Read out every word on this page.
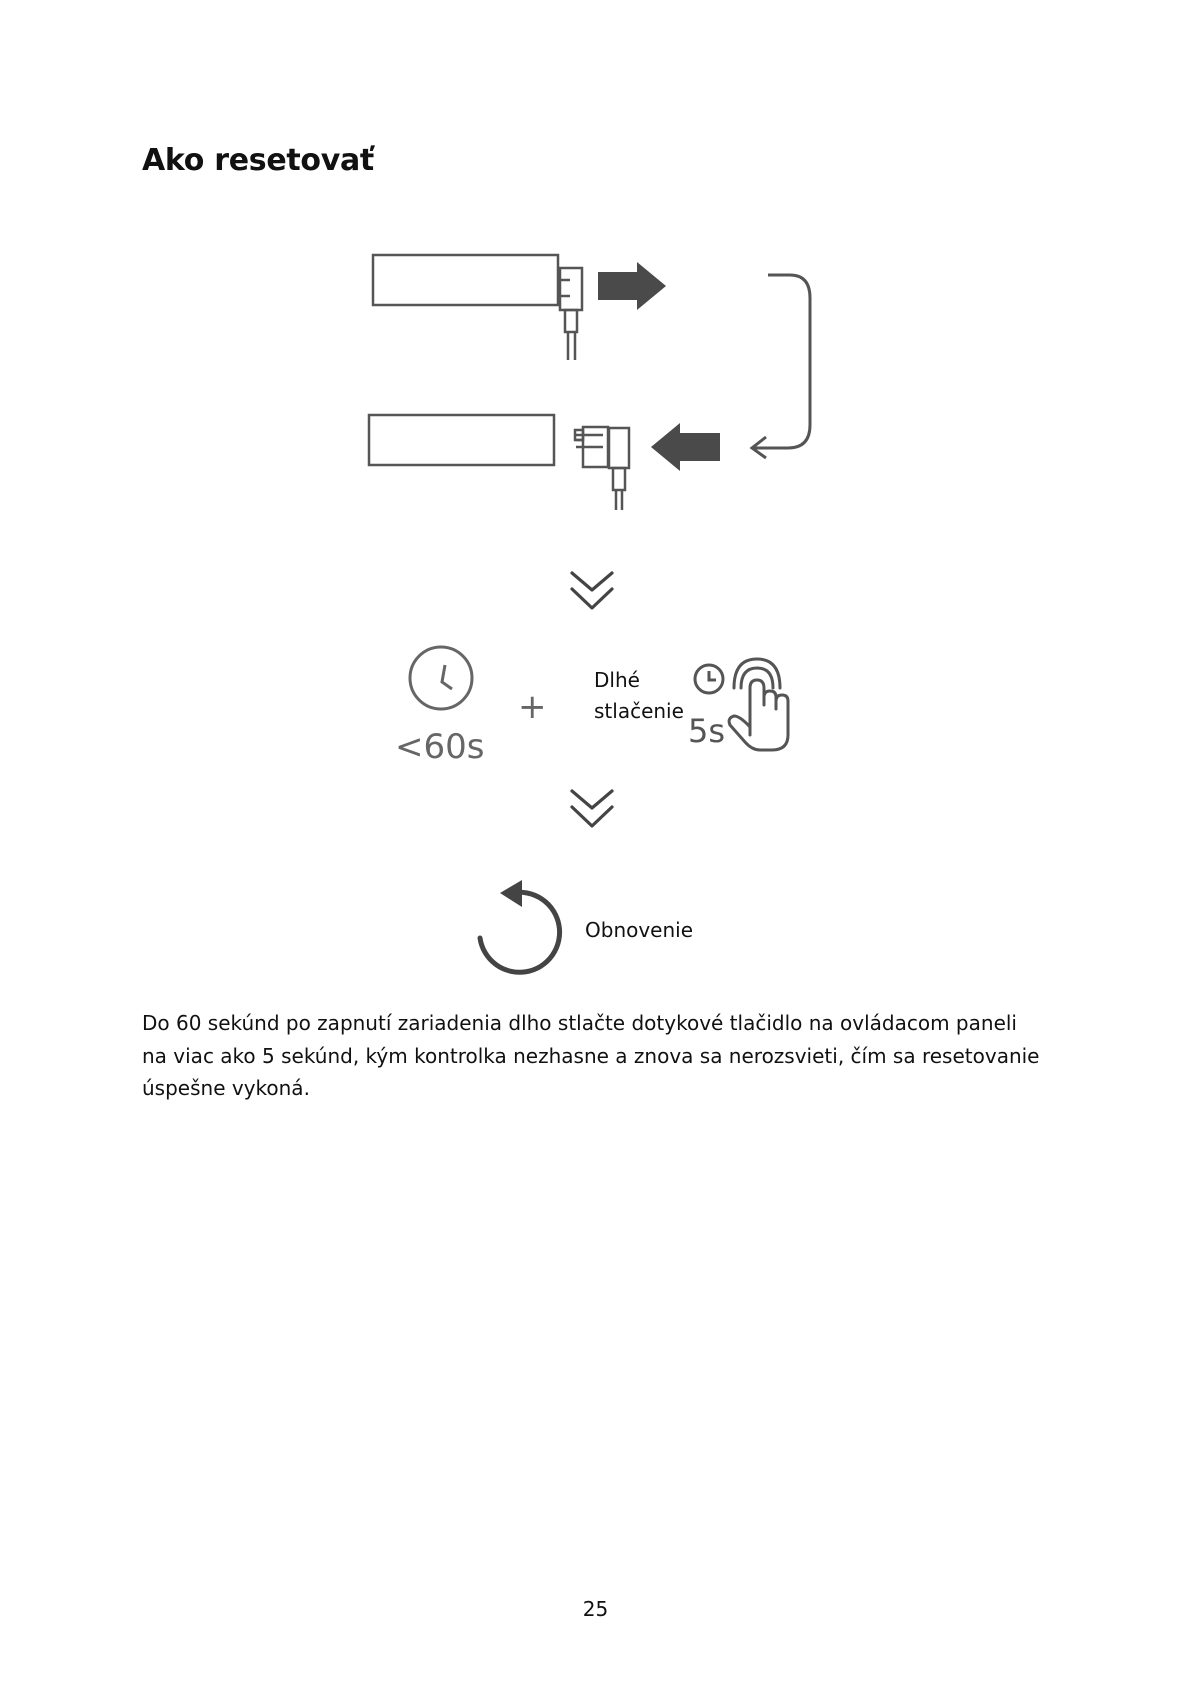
Ako resetovať
<60s
+
5s
Dlhé
stlačenie
Obnovenie

Do 60 sekúnd po zapnutí zariadenia dlho stlačte dotykové tlačidlo na ovládacom paneli na viac ako 5 sekúnd, kým kontrolka nezhasne a znova sa nerozsvieti, čím sa resetovanie úspešne vykoná.

25
